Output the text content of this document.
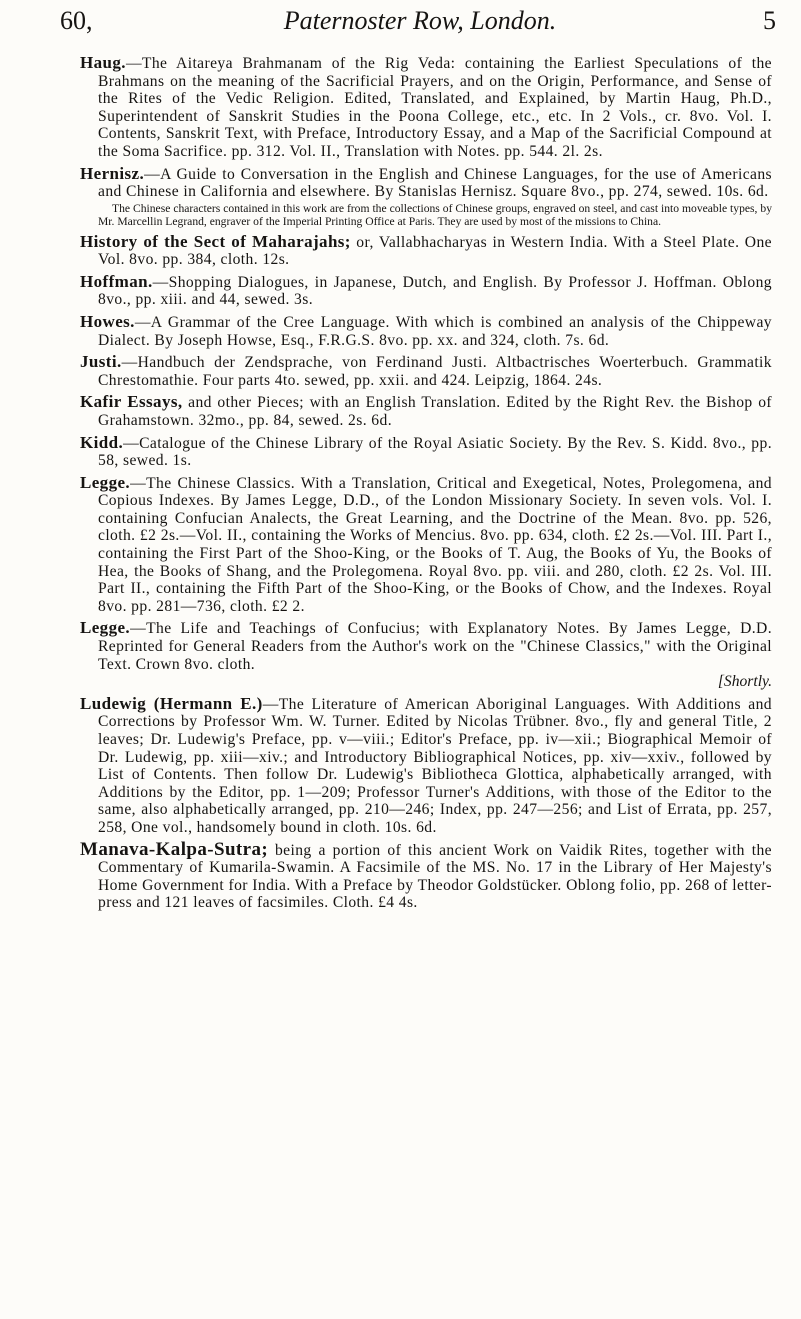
60,	Paternoster Row, London.	5

Haug.—The Aitareya Brahmanam of the Rig Veda: containing the Earliest Speculations of the Brahmans on the meaning of the Sacrificial Prayers, and on the Origin, Performance, and Sense of the Rites of the Vedic Religion. Edited, Translated, and Explained, by Martin Haug, Ph.D., Superintendent of Sanskrit Studies in the Poona College, etc., etc. In 2 Vols., cr. 8vo. Vol. I. Contents, Sanskrit Text, with Preface, Introductory Essay, and a Map of the Sacrificial Compound at the Soma Sacrifice. pp. 312. Vol. II., Translation with Notes. pp. 544. 2l. 2s.

Hernisz.—A Guide to Conversation in the English and Chinese Languages, for the use of Americans and Chinese in California and elsewhere. By Stanislas Hernisz. Square 8vo., pp. 274, sewed. 10s. 6d.

The Chinese characters contained in this work are from the collections of Chinese groups, engraved on steel, and cast into moveable types, by Mr. Marcellin Legrand, engraver of the Imperial Printing Office at Paris. They are used by most of the missions to China.

History of the Sect of Maharajahs; or, Vallabhacharyas in Western India. With a Steel Plate. One Vol. 8vo. pp. 384, cloth. 12s.

Hoffman.—Shopping Dialogues, in Japanese, Dutch, and English. By Professor J. Hoffman. Oblong 8vo., pp. xiii. and 44, sewed. 3s.

Howes.—A Grammar of the Cree Language. With which is combined an analysis of the Chippeway Dialect. By Joseph Howse, Esq., F.R.G.S. 8vo. pp. xx. and 324, cloth. 7s. 6d.

Justi.—Handbuch der Zendsprache, von Ferdinand Justi. Altbactrisches Woerterbuch. Grammatik Chrestomathie. Four parts 4to. sewed, pp. xxii. and 424. Leipzig, 1864. 24s.

Kafir Essays, and other Pieces; with an English Translation. Edited by the Right Rev. the Bishop of Grahamstown. 32mo., pp. 84, sewed. 2s. 6d.

Kidd.—Catalogue of the Chinese Library of the Royal Asiatic Society. By the Rev. S. Kidd. 8vo., pp. 58, sewed. 1s.

Legge.—The Chinese Classics. With a Translation, Critical and Exegetical, Notes, Prolegomena, and Copious Indexes. By James Legge, D.D., of the London Missionary Society. In seven vols. Vol. I. containing Confucian Analects, the Great Learning, and the Doctrine of the Mean. 8vo. pp. 526, cloth. £2 2s.—Vol. II., containing the Works of Mencius. 8vo. pp. 634, cloth. £2 2s.—Vol. III. Part I., containing the First Part of the Shoo-King, or the Books of T. Aug, the Books of Yu, the Books of Hea, the Books of Shang, and the Prolegomena. Royal 8vo. pp. viii. and 280, cloth. £2 2s. Vol. III. Part II., containing the Fifth Part of the Shoo-King, or the Books of Chow, and the Indexes. Royal 8vo. pp. 281—736, cloth. £2 2.

Legge.—The Life and Teachings of Confucius; with Explanatory Notes. By James Legge, D.D. Reprinted for General Readers from the Author's work on the "Chinese Classics," with the Original Text. Crown 8vo. cloth.

[Shortly.

Ludewig (Hermann E.)—The Literature of American Aboriginal Languages. With Additions and Corrections by Professor Wm. W. Turner. Edited by Nicolas Trübner. 8vo., fly and general Title, 2 leaves; Dr. Ludewig's Preface, pp. v—viii.; Editor's Preface, pp. iv—xii.; Biographical Memoir of Dr. Ludewig, pp. xiii—xiv.; and Introductory Bibliographical Notices, pp. xiv—xxiv., followed by List of Contents. Then follow Dr. Ludewig's Bibliotheca Glottica, alphabetically arranged, with Additions by the Editor, pp. 1—209; Professor Turner's Additions, with those of the Editor to the same, also alphabetically arranged, pp. 210—246; Index, pp. 247—256; and List of Errata, pp. 257, 258, One vol., handsomely bound in cloth. 10s. 6d.

Manava-Kalpa-Sutra; being a portion of this ancient Work on Vaidik Rites, together with the Commentary of Kumarila-Swamin. A Facsimile of the MS. No. 17 in the Library of Her Majesty's Home Government for India. With a Preface by Theodor Goldstücker. Oblong folio, pp. 268 of letter-press and 121 leaves of facsimiles. Cloth. £4 4s.
